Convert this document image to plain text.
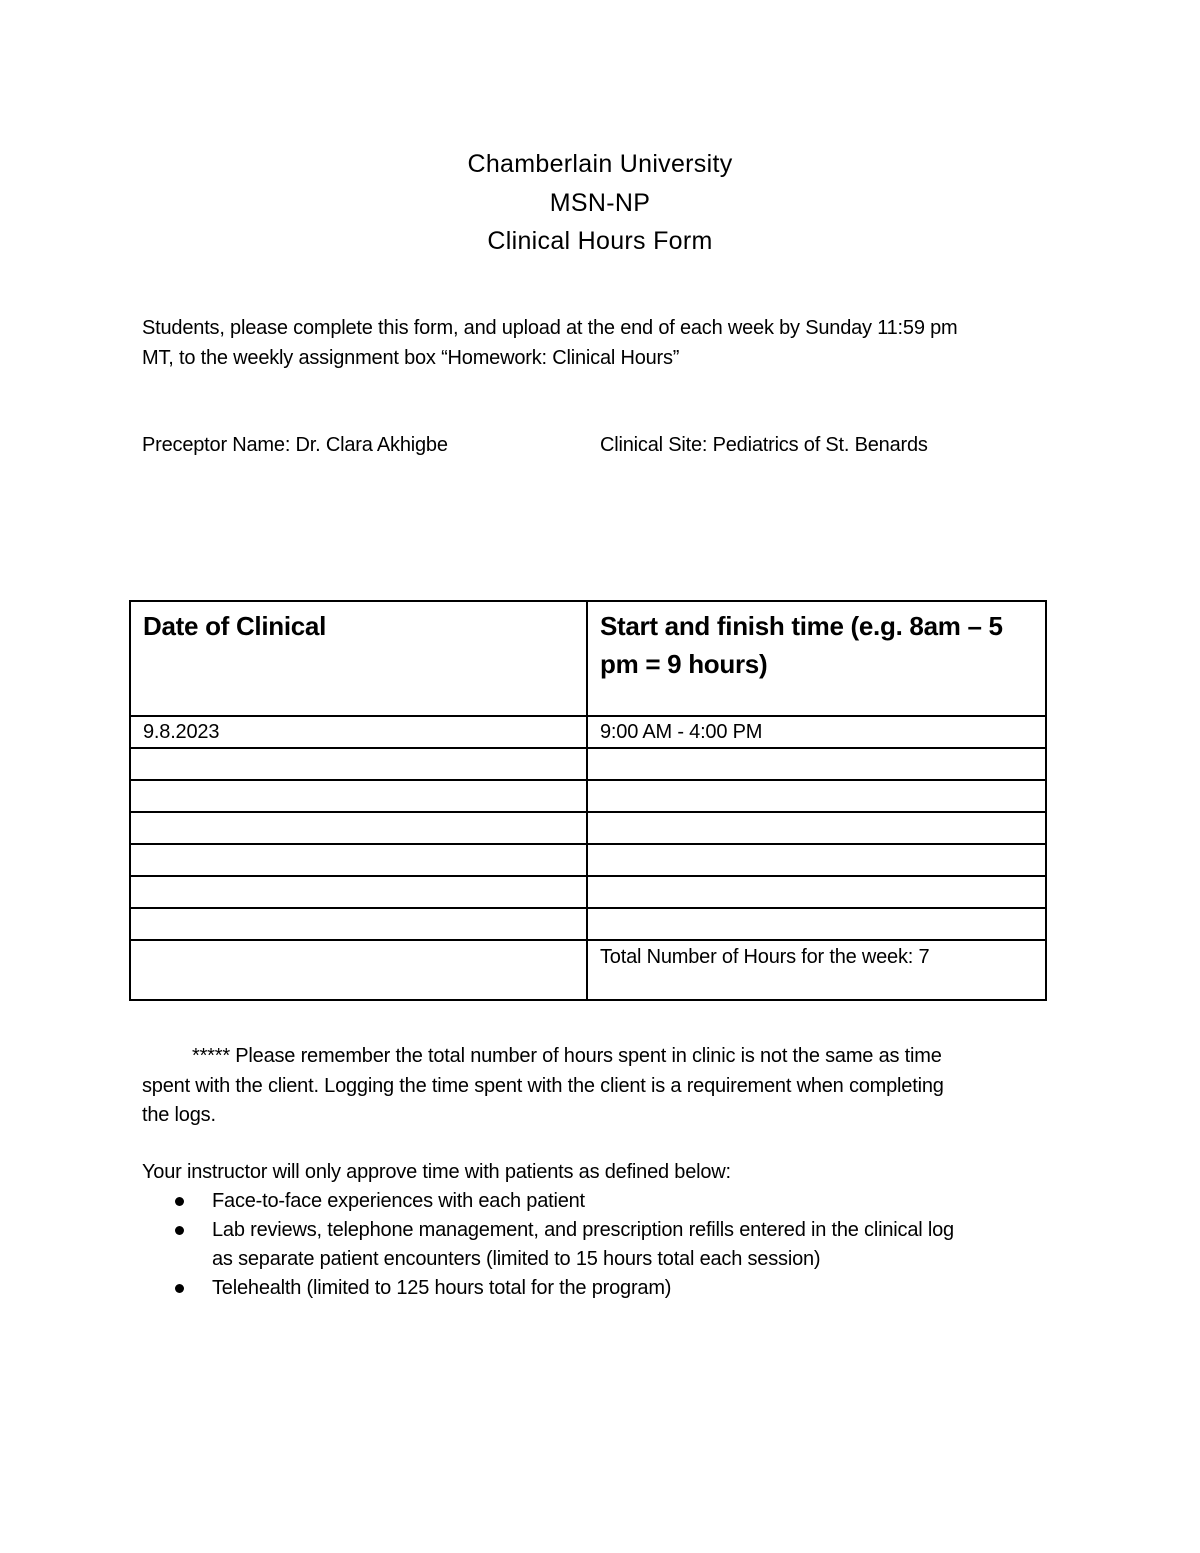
Chamberlain University
MSN-NP
Clinical Hours Form
Students, please complete this form, and upload at the end of each week by Sunday 11:59 pm
MT, to the weekly assignment box “Homework: Clinical Hours”
Preceptor Name: Dr. Clara Akhigbe	Clinical Site: Pediatrics of St. Benards
Date of Clinical	Start and finish time (e.g. 8am – 5 pm = 9 hours)
9.8.2023	9:00 AM - 4:00 PM

	Total Number of Hours for the week: 7
***** Please remember the total number of hours spent in clinic is not the same as time
spent with the client. Logging the time spent with the client is a requirement when completing
the logs.
Your instructor will only approve time with patients as defined below:
Face-to-face experiences with each patient
Lab reviews, telephone management, and prescription refills entered in the clinical log
as separate patient encounters (limited to 15 hours total each session)
Telehealth (limited to 125 hours total for the program)
